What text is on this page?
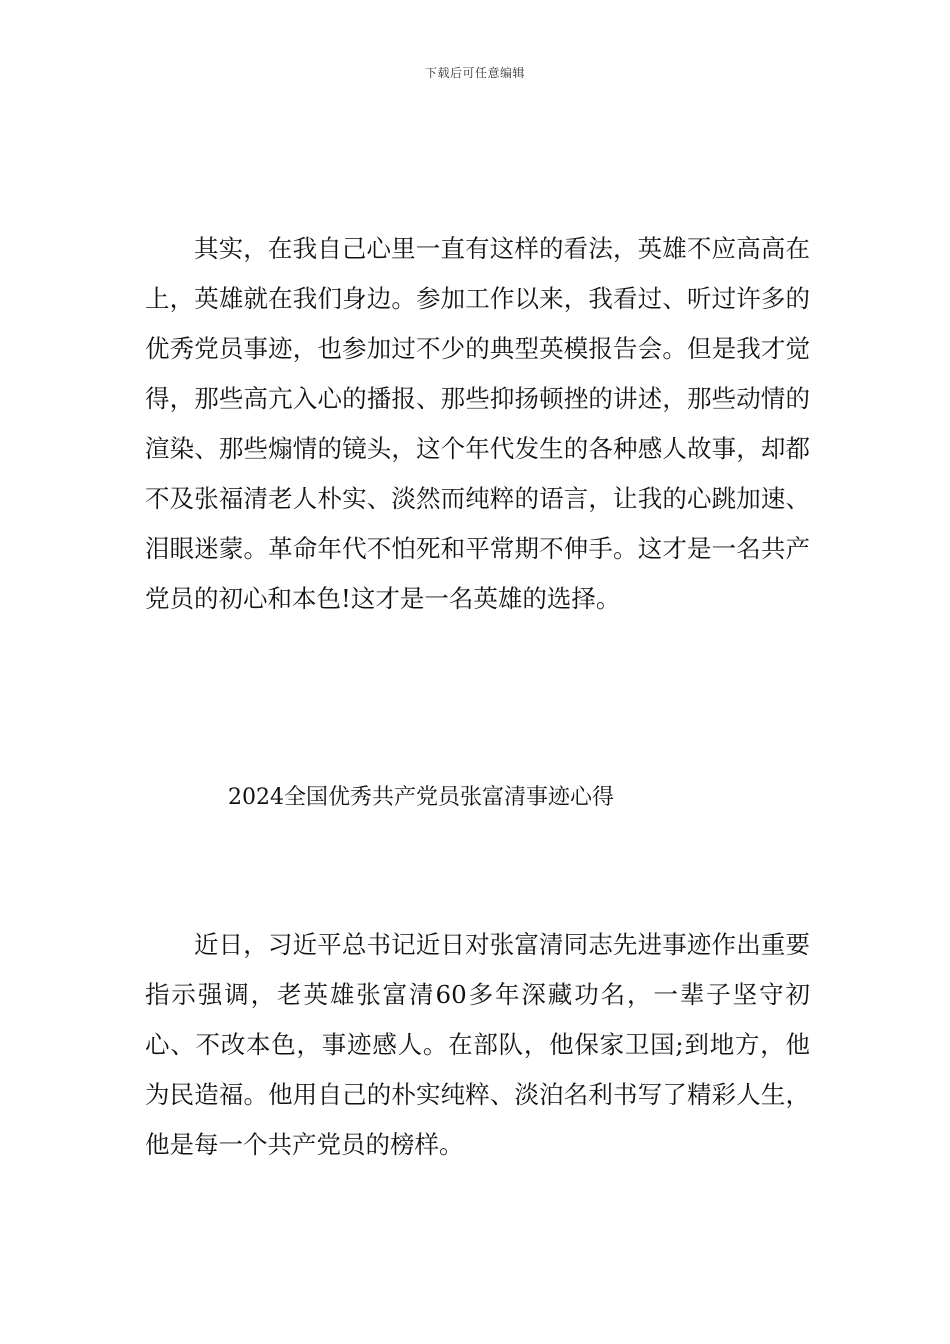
下载后可任意编辑

其实，在我自己心里一直有这样的看法，英雄不应高高在上，英雄就在我们身边。参加工作以来，我看过、听过许多的优秀党员事迹，也参加过不少的典型英模报告会。但是我才觉得，那些高亢入心的播报、那些抑扬顿挫的讲述，那些动情的渲染、那些煽情的镜头，这个年代发生的各种感人故事，却都不及张福清老人朴实、淡然而纯粹的语言，让我的心跳加速、泪眼迷蒙。革命年代不怕死和平常期不伸手。这才是一名共产党员的初心和本色!这才是一名英雄的选择。

2024全国优秀共产党员张富清事迹心得

近日，习近平总书记近日对张富清同志先进事迹作出重要指示强调，老英雄张富清60多年深藏功名，一辈子坚守初心、不改本色，事迹感人。在部队，他保家卫国;到地方，他为民造福。他用自己的朴实纯粹、淡泊名利书写了精彩人生，他是每一个共产党员的榜样。
